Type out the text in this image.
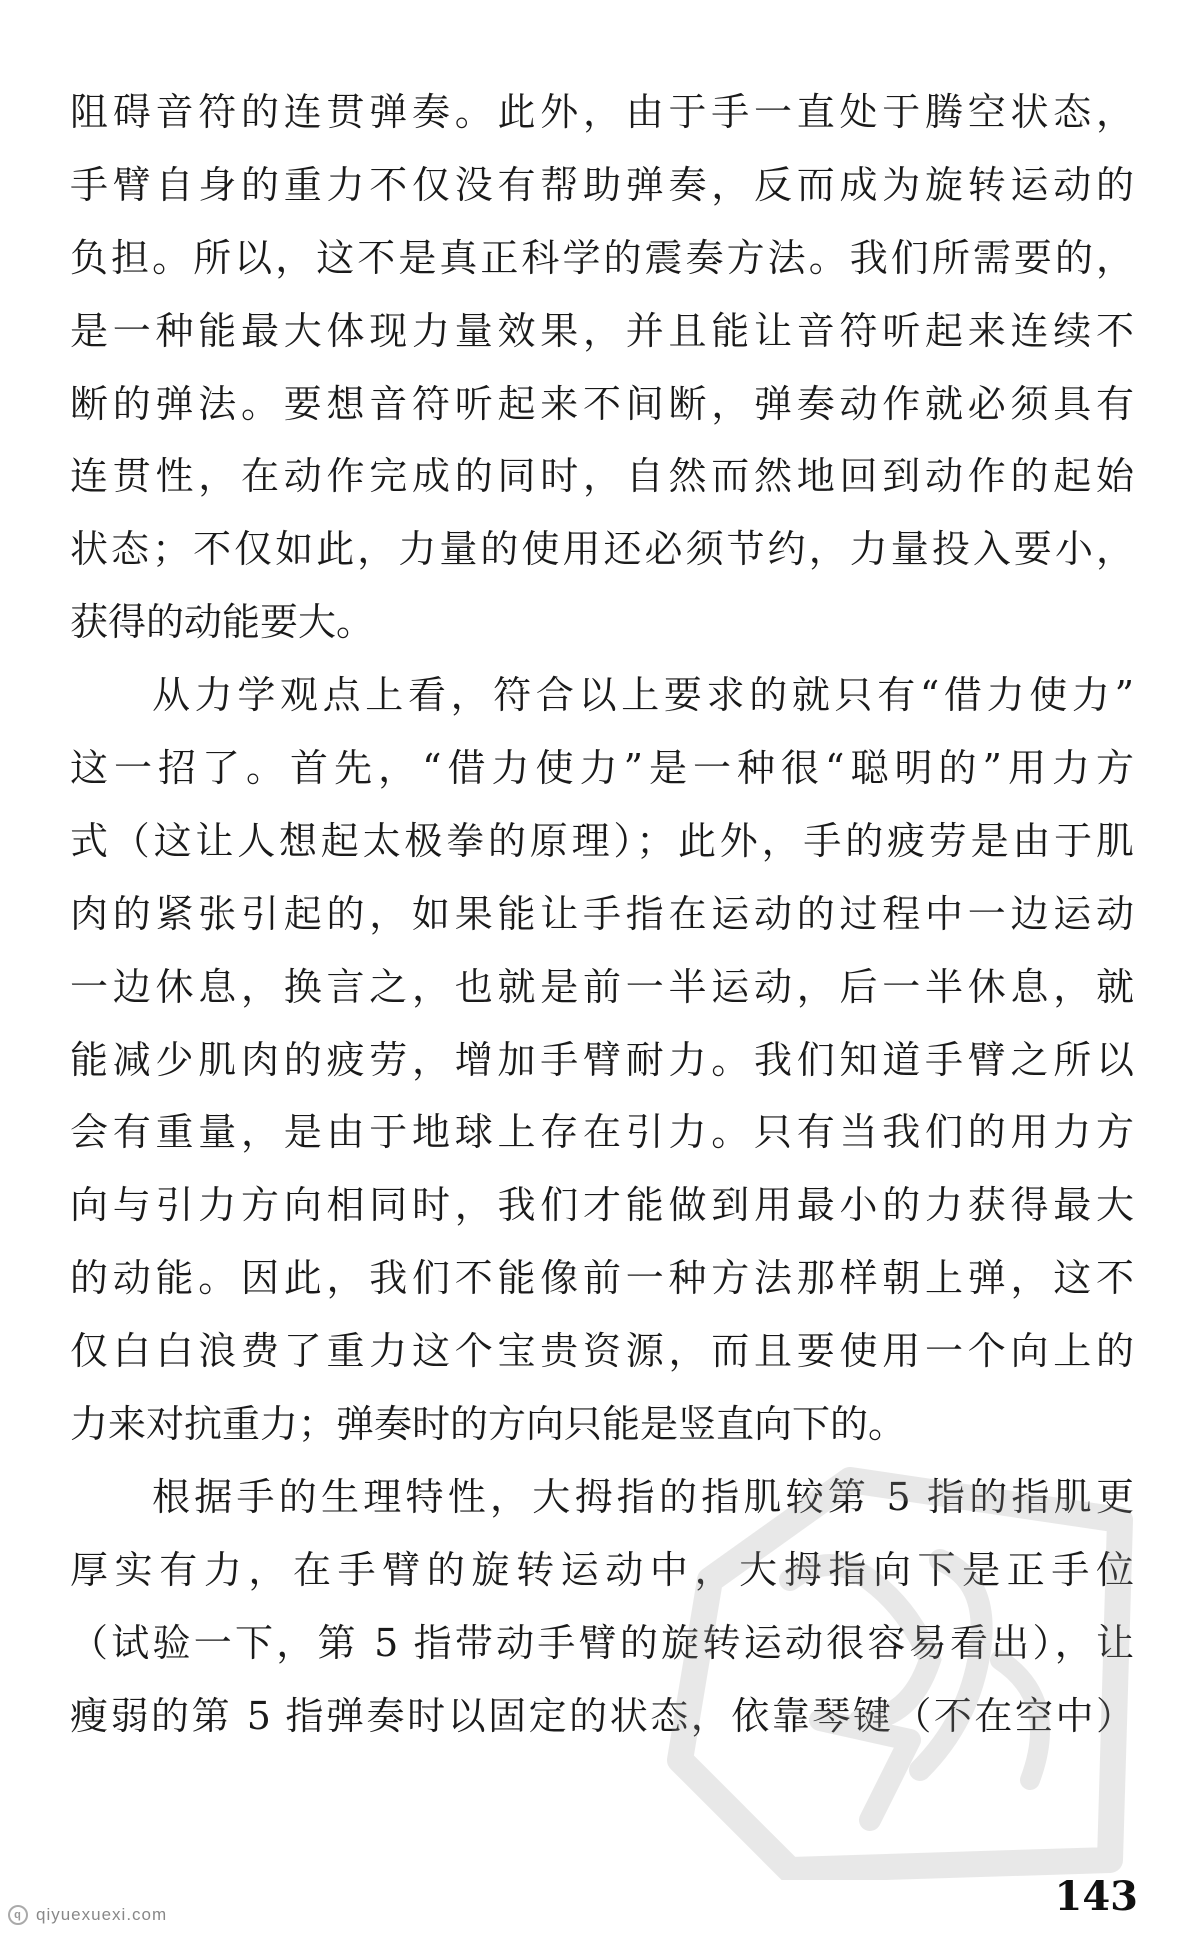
阻碍音符的连贯弹奏。此外，由于手一直处于腾空状态，
手臂自身的重力不仅没有帮助弹奏，反而成为旋转运动的
负担。所以，这不是真正科学的震奏方法。我们所需要的，
是一种能最大体现力量效果，并且能让音符听起来连续不
断的弹法。要想音符听起来不间断，弹奏动作就必须具有
连贯性，在动作完成的同时，自然而然地回到动作的起始
状态；不仅如此，力量的使用还必须节约，力量投入要小，
获得的动能要大。
从力学观点上看，符合以上要求的就只有“借力使力”
这一招了。首先，“借力使力”是一种很“聪明的”用力方
式（这让人想起太极拳的原理）；此外，手的疲劳是由于肌
肉的紧张引起的，如果能让手指在运动的过程中一边运动
一边休息，换言之，也就是前一半运动，后一半休息，就
能减少肌肉的疲劳，增加手臂耐力。我们知道手臂之所以
会有重量，是由于地球上存在引力。只有当我们的用力方
向与引力方向相同时，我们才能做到用最小的力获得最大
的动能。因此，我们不能像前一种方法那样朝上弹，这不
仅白白浪费了重力这个宝贵资源，而且要使用一个向上的
力来对抗重力；弹奏时的方向只能是竖直向下的。
根据手的生理特性，大拇指的指肌较第 5 指的指肌更
厚实有力，在手臂的旋转运动中，大拇指向下是正手位
（试验一下，第 5 指带动手臂的旋转运动很容易看出），让
瘦弱的第 5 指弹奏时以固定的状态，依靠琴键（不在空中）
143
q qiyuexuexi.com
